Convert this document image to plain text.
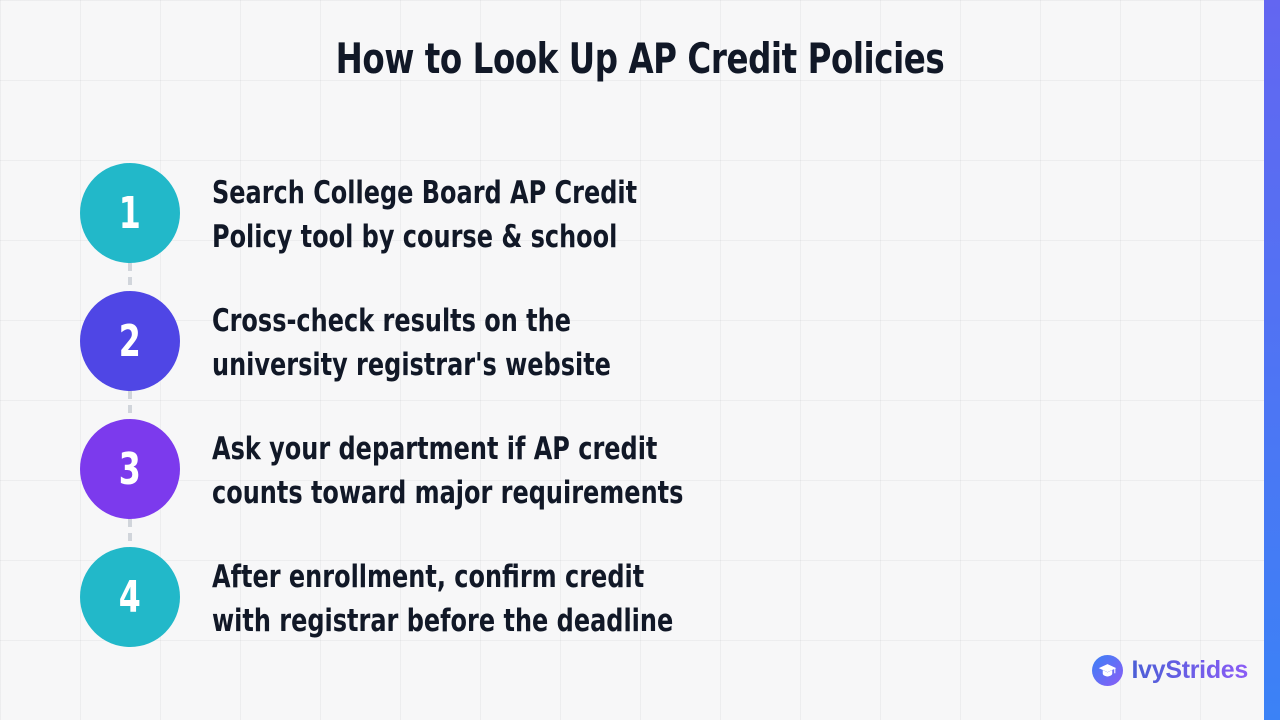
How to Look Up AP Credit Policies
1 Search College Board AP Credit Policy tool by course & school
2 Cross-check results on the university registrar's website
3 Ask your department if AP credit counts toward major requirements
4 After enrollment, confirm credit with registrar before the deadline
IvyStrides
